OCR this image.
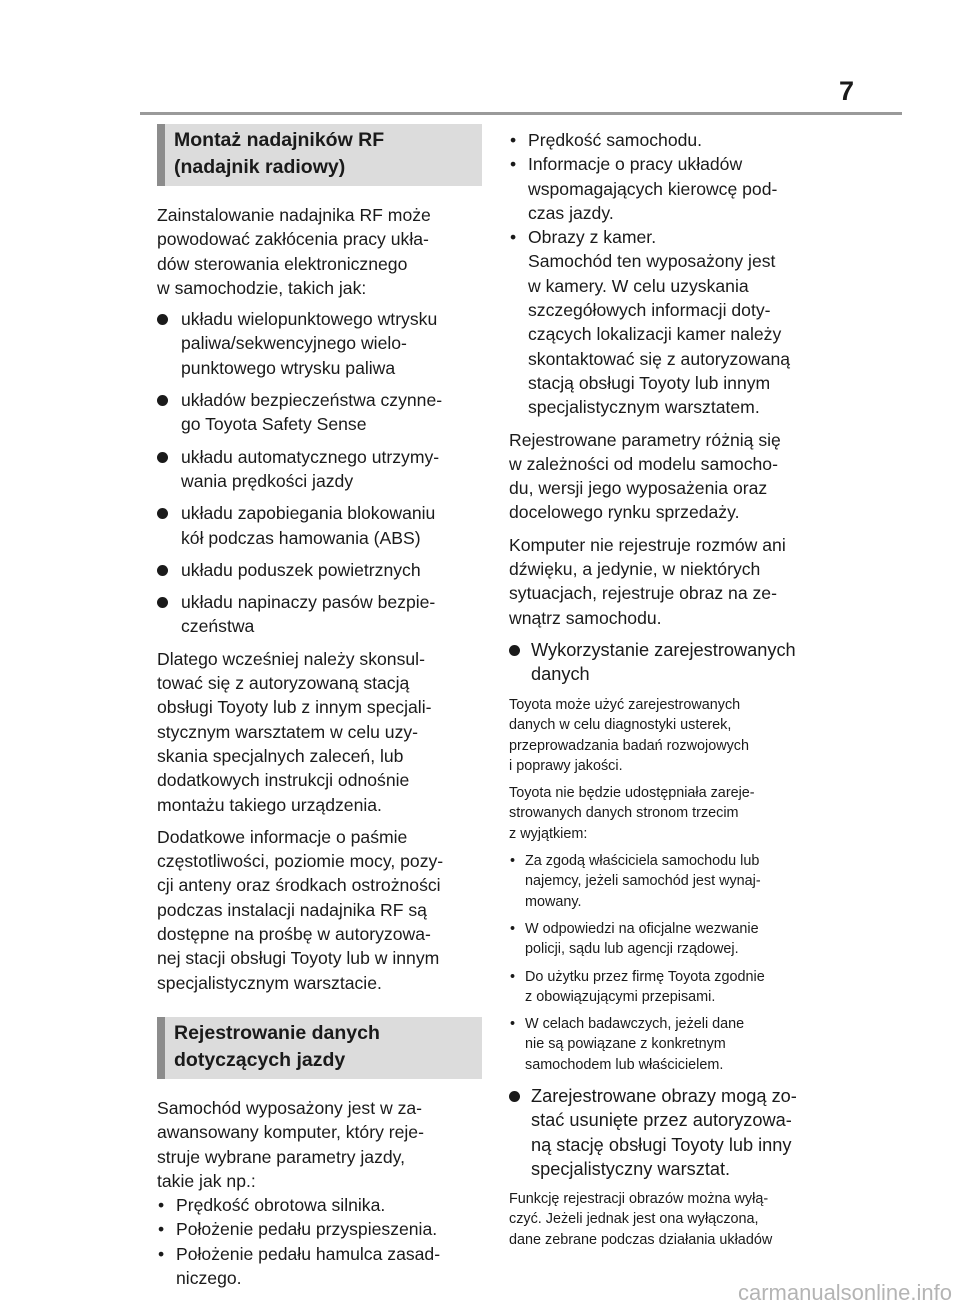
7
Montaż nadajników RF
(nadajnik radiowy)

Zainstalowanie nadajnika RF może
powodować zakłócenia pracy ukła-
dów sterowania elektronicznego
w samochodzie, takich jak:

układu wielopunktowego wtrysku
paliwa/sekwencyjnego wielo-
punktowego wtrysku paliwa
układów bezpieczeństwa czynne-
go Toyota Safety Sense
układu automatycznego utrzymy-
wania prędkości jazdy
układu zapobiegania blokowaniu
kół podczas hamowania (ABS)
układu poduszek powietrznych
układu napinaczy pasów bezpie-
czeństwa

Dlatego wcześniej należy skonsul-
tować się z autoryzowaną stacją
obsługi Toyoty lub z innym specjali-
stycznym warsztatem w celu uzy-
skania specjalnych zaleceń, lub
dodatkowych instrukcji odnośnie
montażu takiego urządzenia.

Dodatkowe informacje o paśmie
częstotliwości, poziomie mocy, pozy-
cji anteny oraz środkach ostrożności
podczas instalacji nadajnika RF są
dostępne na prośbę w autoryzowa-
nej stacji obsługi Toyoty lub w innym
specjalistycznym warsztacie.

Rejestrowanie danych
dotyczących jazdy

Samochód wyposażony jest w za-
awansowany komputer, który reje-
struje wybrane parametry jazdy,
takie jak np.:

• Prędkość obrotowa silnika.
• Położenie pedału przyspieszenia.
• Położenie pedału hamulca zasad-
niczego.
• Prędkość samochodu.
• Informacje o pracy układów
wspomagających kierowcę pod-
czas jazdy.
• Obrazy z kamer.
Samochód ten wyposażony jest
w kamery. W celu uzyskania
szczegółowych informacji doty-
czących lokalizacji kamer należy
skontaktować się z autoryzowaną
stacją obsługi Toyoty lub innym
specjalistycznym warsztatem.

Rejestrowane parametry różnią się
w zależności od modelu samocho-
du, wersji jego wyposażenia oraz
docelowego rynku sprzedaży.

Komputer nie rejestruje rozmów ani
dźwięku, a jedynie, w niektórych
sytuacjach, rejestruje obraz na ze-
wnątrz samochodu.

Wykorzystanie zarejestrowanych
danych

Toyota może użyć zarejestrowanych
danych w celu diagnostyki usterek,
przeprowadzania badań rozwojowych
i poprawy jakości.

Toyota nie będzie udostępniała zareje-
strowanych danych stronom trzecim
z wyjątkiem:

• Za zgodą właściciela samochodu lub
najemcy, jeżeli samochód jest wynaj-
mowany.
• W odpowiedzi na oficjalne wezwanie
policji, sądu lub agencji rządowej.
• Do użytku przez firmę Toyota zgodnie
z obowiązującymi przepisami.
• W celach badawczych, jeżeli dane
nie są powiązane z konkretnym
samochodem lub właścicielem.
Zarejestrowane obrazy mogą zo-
stać usunięte przez autoryzowa-
ną stację obsługi Toyoty lub inny
specjalistyczny warsztat.

Funkcję rejestracji obrazów można wyłą-
czyć. Jeżeli jednak jest ona wyłączona,
dane zebrane podczas działania układów

carmanualsonline.info
